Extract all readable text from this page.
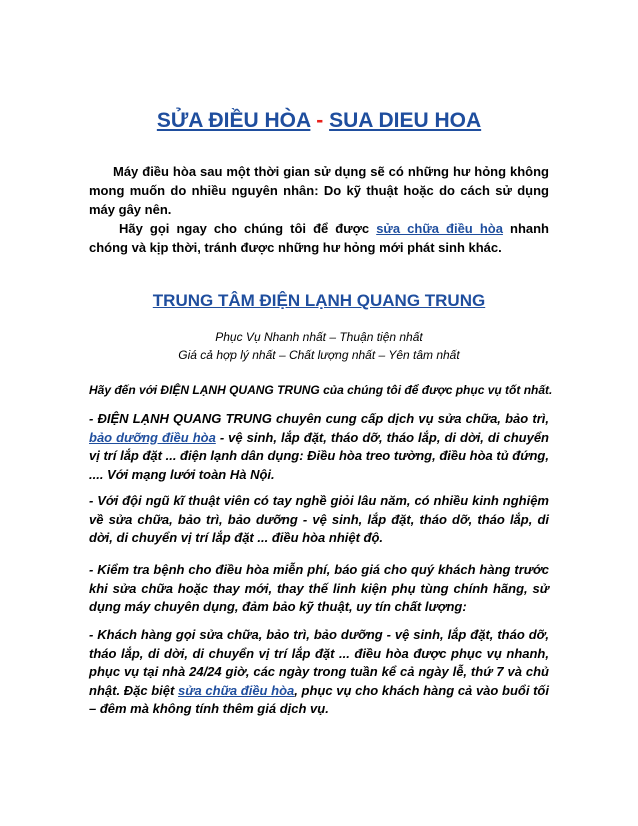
SỬA ĐIỀU HÒA - SUA DIEU HOA

Máy điều hòa sau một thời gian sử dụng sẽ có những hư hỏng không mong muốn do nhiều nguyên nhân: Do kỹ thuật hoặc do cách sử dụng máy gây nên.

Hãy gọi ngay cho chúng tôi để được sửa chữa điều hòa nhanh chóng và kịp thời, tránh được những hư hỏng mới phát sinh khác.

TRUNG TÂM ĐIỆN LẠNH QUANG TRUNG
Phục Vụ Nhanh nhất – Thuận tiện nhất
Giá cả hợp lý nhất – Chất lượng nhất – Yên tâm nhất
Hãy đến với ĐIỆN LẠNH QUANG TRUNG của chúng tôi để được phục vụ tốt nhất.

- ĐIỆN LẠNH QUANG TRUNG chuyên cung cấp dịch vụ sửa chữa, bảo trì, bảo dưỡng điều hòa - vệ sinh, lắp đặt, tháo dỡ, tháo lắp, di dời, di chuyển vị trí lắp đặt ... điện lạnh dân dụng: Điều hòa treo tường, điều hòa tủ đứng, .... Với mạng lưới toàn Hà Nội.

- Với đội ngũ kĩ thuật viên có tay nghề giỏi lâu năm, có nhiều kinh nghiệm về sửa chữa, bảo trì, bảo dưỡng - vệ sinh, lắp đặt, tháo dỡ, tháo lắp, di dời, di chuyển vị trí lắp đặt ... điều hòa nhiệt độ.

- Kiểm tra bệnh cho điều hòa miễn phí, báo giá cho quý khách hàng trước khi sửa chữa hoặc thay mới, thay thế linh kiện phụ tùng chính hãng, sử dụng máy chuyên dụng, đảm bảo kỹ thuật, uy tín chất lượng:

- Khách hàng gọi sửa chữa, bảo trì, bảo dưỡng - vệ sinh, lắp đặt, tháo dỡ, tháo lắp, di dời, di chuyển vị trí lắp đặt ... điều hòa được phục vụ nhanh, phục vụ tại nhà 24/24 giờ, các ngày trong tuần kể cả ngày lễ, thứ 7 và chủ nhật. Đặc biệt sửa chữa điều hòa, phục vụ cho khách hàng cả vào buổi tối – đêm mà không tính thêm giá dịch vụ.
